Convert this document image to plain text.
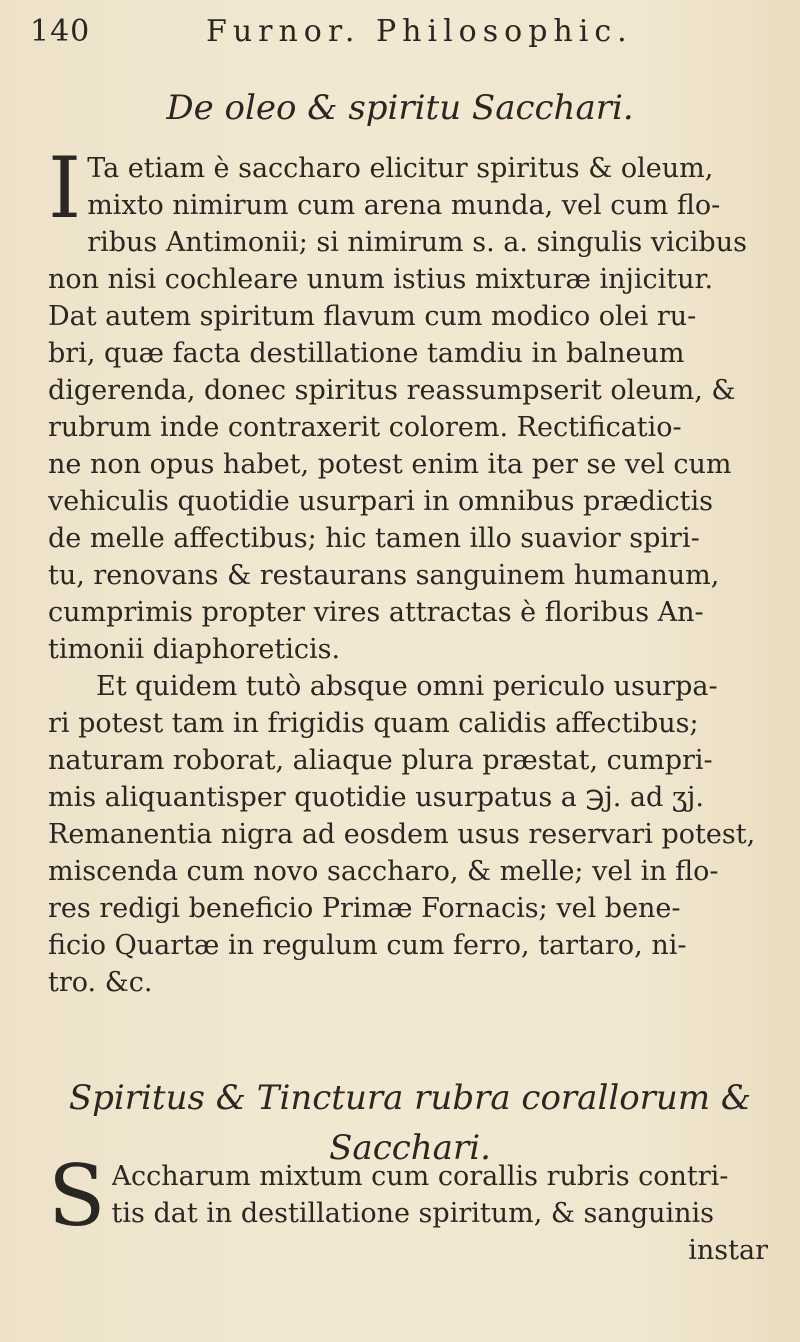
140	Furnor. Philosophic.
De oleo & spiritu Sacchari.
I Ta etiam è saccharo elicitur spiritus & oleum,
mixto nimirum cum arena munda, vel cum flo-
ribus Antimonii; si nimirum s. a. singulis vicibus
non nisi cochleare unum istius mixturæ injicitur.
Dat autem spiritum flavum cum modico olei ru-
bri, quæ facta destillatione tamdiu in balneum
digerenda, donec spiritus reassumpserit oleum, &
rubrum inde contraxerit colorem. Rectificatio-
ne non opus habet, potest enim ita per se vel cum
vehiculis quotidie usurpari in omnibus prædictis
de melle affectibus; hic tamen illo suavior spiri-
tu, renovans & restaurans sanguinem humanum,
cumprimis propter vires attractas è floribus An-
timonii diaphoreticis.
Et quidem tutò absque omni periculo usurpa-
ri potest tam in frigidis quam calidis affectibus;
naturam roborat, aliaque plura præstat, cumpri-
mis aliquantisper quotidie usurpatus a ℈j. ad ʒj.
Remanentia nigra ad eosdem usus reservari potest,
miscenda cum novo saccharo, & melle; vel in flo-
res redigi beneficio Primæ Fornacis; vel bene-
ficio Quartæ in regulum cum ferro, tartaro, ni-
tro. &c.
Spiritus & Tinctura rubra corallorum &
Sacchari.
S Accharum mixtum cum corallis rubris contri-
tis dat in destillatione spiritum, & sanguinis
instar
